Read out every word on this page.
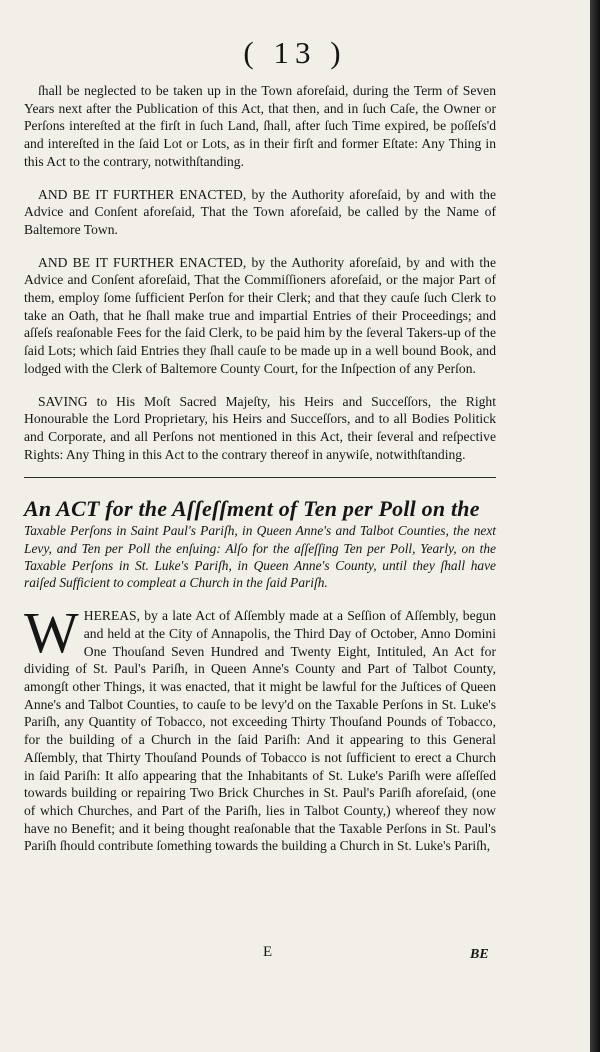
( 13 )

ſhall be neglected to be taken up in the Town aforeſaid, during the Term of Seven Years next after the Publication of this Act, that then, and in ſuch Caſe, the Owner or Perſons intereſted at the firſt in ſuch Land, ſhall, after ſuch Time expired, be poſſeſs'd and intereſted in the ſaid Lot or Lots, as in their firſt and former Eſtate: Any Thing in this Act to the contrary, notwithſtanding.

AND BE IT FURTHER ENACTED, by the Authority aforeſaid, by and with the Advice and Conſent aforeſaid, That the Town aforeſaid, be called by the Name of Baltemore Town.

AND BE IT FURTHER ENACTED, by the Authority aforeſaid, by and with the Advice and Conſent aforeſaid, That the Commiſſioners aforeſaid, or the major Part of them, employ ſome ſufficient Perſon for their Clerk; and that they cauſe ſuch Clerk to take an Oath, that he ſhall make true and impartial Entries of their Proceedings; and aſſeſs reaſonable Fees for the ſaid Clerk, to be paid him by the ſeveral Takers-up of the ſaid Lots; which ſaid Entries they ſhall cauſe to be made up in a well bound Book, and lodged with the Clerk of Baltemore County Court, for the Inſpection of any Perſon.

SAVING to His Moſt Sacred Majeſty, his Heirs and Succeſſors, the Right Honourable the Lord Proprietary, his Heirs and Succeſſors, and to all Bodies Politick and Corporate, and all Perſons not mentioned in this Act, their ſeveral and reſpective Rights: Any Thing in this Act to the contrary thereof in anywiſe, notwithſtanding.

An ACT for the Aſſeſſment of Ten per Poll on the
Taxable Perſons in Saint Paul's Pariſh, in Queen Anne's and Talbot Counties, the next Levy, and Ten per Poll the enſuing: Alſo for the aſſeſſing Ten per Poll, Yearly, on the Taxable Perſons in St. Luke's Pariſh, in Queen Anne's County, until they ſhall have raiſed Sufficient to compleat a Church in the ſaid Pariſh.

WHEREAS, by a late Act of Aſſembly made at a Seſſion of Aſſembly, begun and held at the City of Annapolis, the Third Day of October, Anno Domini One Thouſand Seven Hundred and Twenty Eight, Intituled, An Act for dividing of St. Paul's Pariſh, in Queen Anne's County and Part of Talbot County, amongſt other Things, it was enacted, that it might be lawful for the Juſtices of Queen Anne's and Talbot Counties, to cauſe to be levy'd on the Taxable Perſons in St. Luke's Pariſh, any Quantity of Tobacco, not exceeding Thirty Thouſand Pounds of Tobacco, for the building of a Church in the ſaid Pariſh: And it appearing to this General Aſſembly, that Thirty Thouſand Pounds of Tobacco is not ſufficient to erect a Church in ſaid Pariſh: It alſo appearing that the Inhabitants of St. Luke's Pariſh were aſſeſſed towards building or repairing Two Brick Churches in St. Paul's Pariſh aforeſaid, (one of which Churches, and Part of the Pariſh, lies in Talbot County,) whereof they now have no Benefit; and it being thought reaſonable that the Taxable Perſons in St. Paul's Pariſh ſhould contribute ſomething towards the building a Church in St. Luke's Pariſh,

E	BE
